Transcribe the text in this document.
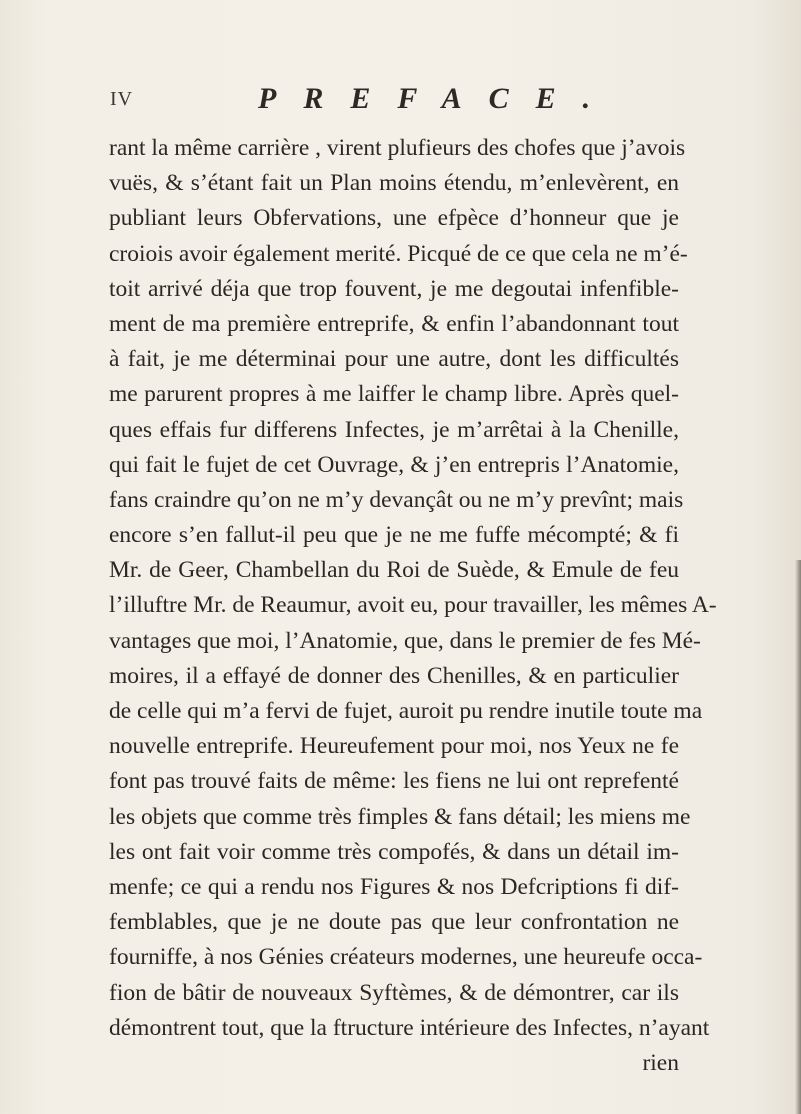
IV	PREFACE.
rant la même carrière , virent plufieurs des chofes que j’avois
vuës, & s’étant fait un Plan moins étendu, m’enlevèrent, en
publiant leurs Obfervations, une efpèce d’honneur que je
croiois avoir également merité. Picqué de ce que cela ne m’é-
toit arrivé déja que trop fouvent, je me degoutai infenfible-
ment de ma première entreprife, & enfin l’abandonnant tout
à fait, je me déterminai pour une autre, dont les difficultés
me parurent propres à me laiffer le champ libre. Après quel-
ques effais fur differens Infectes, je m’arrêtai à la Chenille,
qui fait le fujet de cet Ouvrage, & j’en entrepris l’Anatomie,
fans craindre qu’on ne m’y devançât ou ne m’y prevînt; mais
encore s’en fallut-il peu que je ne me fuffe mécompté; & fi
Mr. de Geer, Chambellan du Roi de Suède, & Emule de feu
l’illuftre Mr. de Reaumur, avoit eu, pour travailler, les mêmes A-
vantages que moi, l’Anatomie, que, dans le premier de fes Mé-
moires, il a effayé de donner des Chenilles, & en particulier
de celle qui m’a fervi de fujet, auroit pu rendre inutile toute ma
nouvelle entreprife. Heureufement pour moi, nos Yeux ne fe
font pas trouvé faits de même: les fiens ne lui ont reprefenté
les objets que comme très fimples & fans détail; les miens me
les ont fait voir comme très compofés, & dans un détail im-
menfe; ce qui a rendu nos Figures & nos Defcriptions fi dif-
femblables, que je ne doute pas que leur confrontation ne
fourniffe, à nos Génies créateurs modernes, une heureufe occa-
fion de bâtir de nouveaux Syftèmes, & de démontrer, car ils
démontrent tout, que la ftructure intérieure des Infectes, n’ayant
rien
